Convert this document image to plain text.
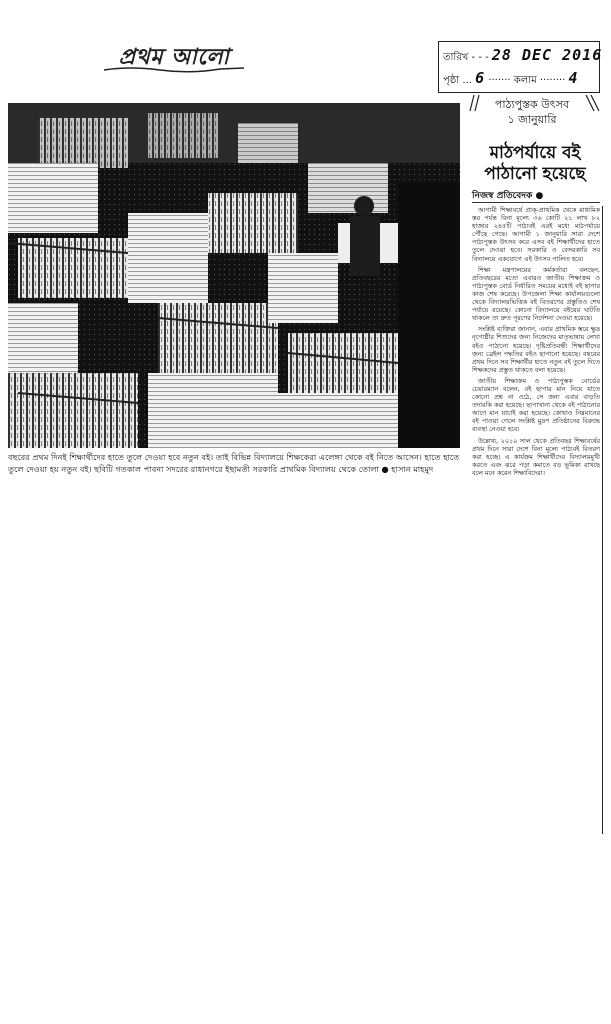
প্রথম আলো	তারিখ - - - 28 DEC 2016
পৃষ্ঠা ... 6 ······· কলাম ········ 4
বছরের প্রথম দিনই শিক্ষার্থীদের হাতে তুলে দেওয়া হবে নতুন বই। তাই বিভিন্ন বিদ্যালয়ে শিক্ষকেরা এলেঙ্গা থেকে বই নিতে আসেন। হাতে হাতে তুলে দেওয়া হয় নতুন বই। ছবিটি গতকাল পাবনা সদরের রাধানগরে ইছামতী সরকারি প্রাথমিক বিদ্যালয় থেকে তোলা ● হাসান মাহমুদ
পাঠ্যপুস্তক উৎসব
১ জানুয়ারি
মাঠপর্যায়ে বই পাঠানো হয়েছে
নিজস্ব প্রতিবেদক ●

আগামী শিক্ষাবর্ষে প্রাক্-প্রাথমিক থেকে মাধ্যমিক স্তর পর্যন্ত বিনা মূল্যে ৩৬ কোটি ২১ লাখ ৮২ হাজার ২৪৫টি পাঠ্যবই এরই মধ্যে মাঠপর্যায়ে পৌঁছে গেছে। আগামী ১ জানুয়ারি সারা দেশে পাঠ্যপুস্তক উৎসব করে এসব বই শিক্ষার্থীদের হাতে তুলে দেওয়া হবে। সরকারি ও বেসরকারি সব বিদ্যালয়ে একযোগে এই উৎসব পালিত হবে।

শিক্ষা মন্ত্রণালয়ের কর্মকর্তারা বলছেন, প্রতিবছরের মতো এবারও জাতীয় শিক্ষাক্রম ও পাঠ্যপুস্তক বোর্ড নির্ধারিত সময়ের মধ্যেই বই ছাপার কাজ শেষ করেছে। উপজেলা শিক্ষা কার্যালয়গুলো থেকে বিদ্যালয়ভিত্তিক বই বিতরণের প্রস্তুতিও শেষ পর্যায়ে রয়েছে। কোনো বিদ্যালয়ে বইয়ের ঘাটতি থাকলে তা দ্রুত পূরণের নির্দেশনা দেওয়া হয়েছে।

সংশ্লিষ্ট ব্যক্তিরা জানান, এবার প্রাথমিক স্তরে ক্ষুদ্র নৃগোষ্ঠীর শিশুদের জন্য নিজেদের মাতৃভাষায় লেখা বইও পাঠানো হয়েছে। দৃষ্টিপ্রতিবন্ধী শিক্ষার্থীদের জন্য ব্রেইল পদ্ধতির বইও ছাপানো হয়েছে। বছরের প্রথম দিনে সব শিক্ষার্থীর হাতে নতুন বই তুলে দিতে শিক্ষকদের প্রস্তুত থাকতে বলা হয়েছে।

জাতীয় শিক্ষাক্রম ও পাঠ্যপুস্তক বোর্ডের চেয়ারম্যান বলেন, বই ছাপার মান নিয়ে যাতে কোনো প্রশ্ন না ওঠে, সে জন্য এবার বাড়তি তদারকি করা হয়েছে। ছাপাখানা থেকে বই পাঠানোর আগে মান যাচাই করা হয়েছে। কোথাও নিম্নমানের বই পাওয়া গেলে সংশ্লিষ্ট মুদ্রণ প্রতিষ্ঠানের বিরুদ্ধে ব্যবস্থা নেওয়া হবে।

উল্লেখ্য, ২০১০ সাল থেকে প্রতিবছর শিক্ষাবর্ষের প্রথম দিনে সারা দেশে বিনা মূল্যে পাঠ্যবই বিতরণ করা হচ্ছে। এ কার্যক্রম শিক্ষার্থীদের বিদ্যালয়মুখী করতে এবং ঝরে পড়া কমাতে বড় ভূমিকা রাখছে বলে মনে করেন শিক্ষাবিদেরা।
